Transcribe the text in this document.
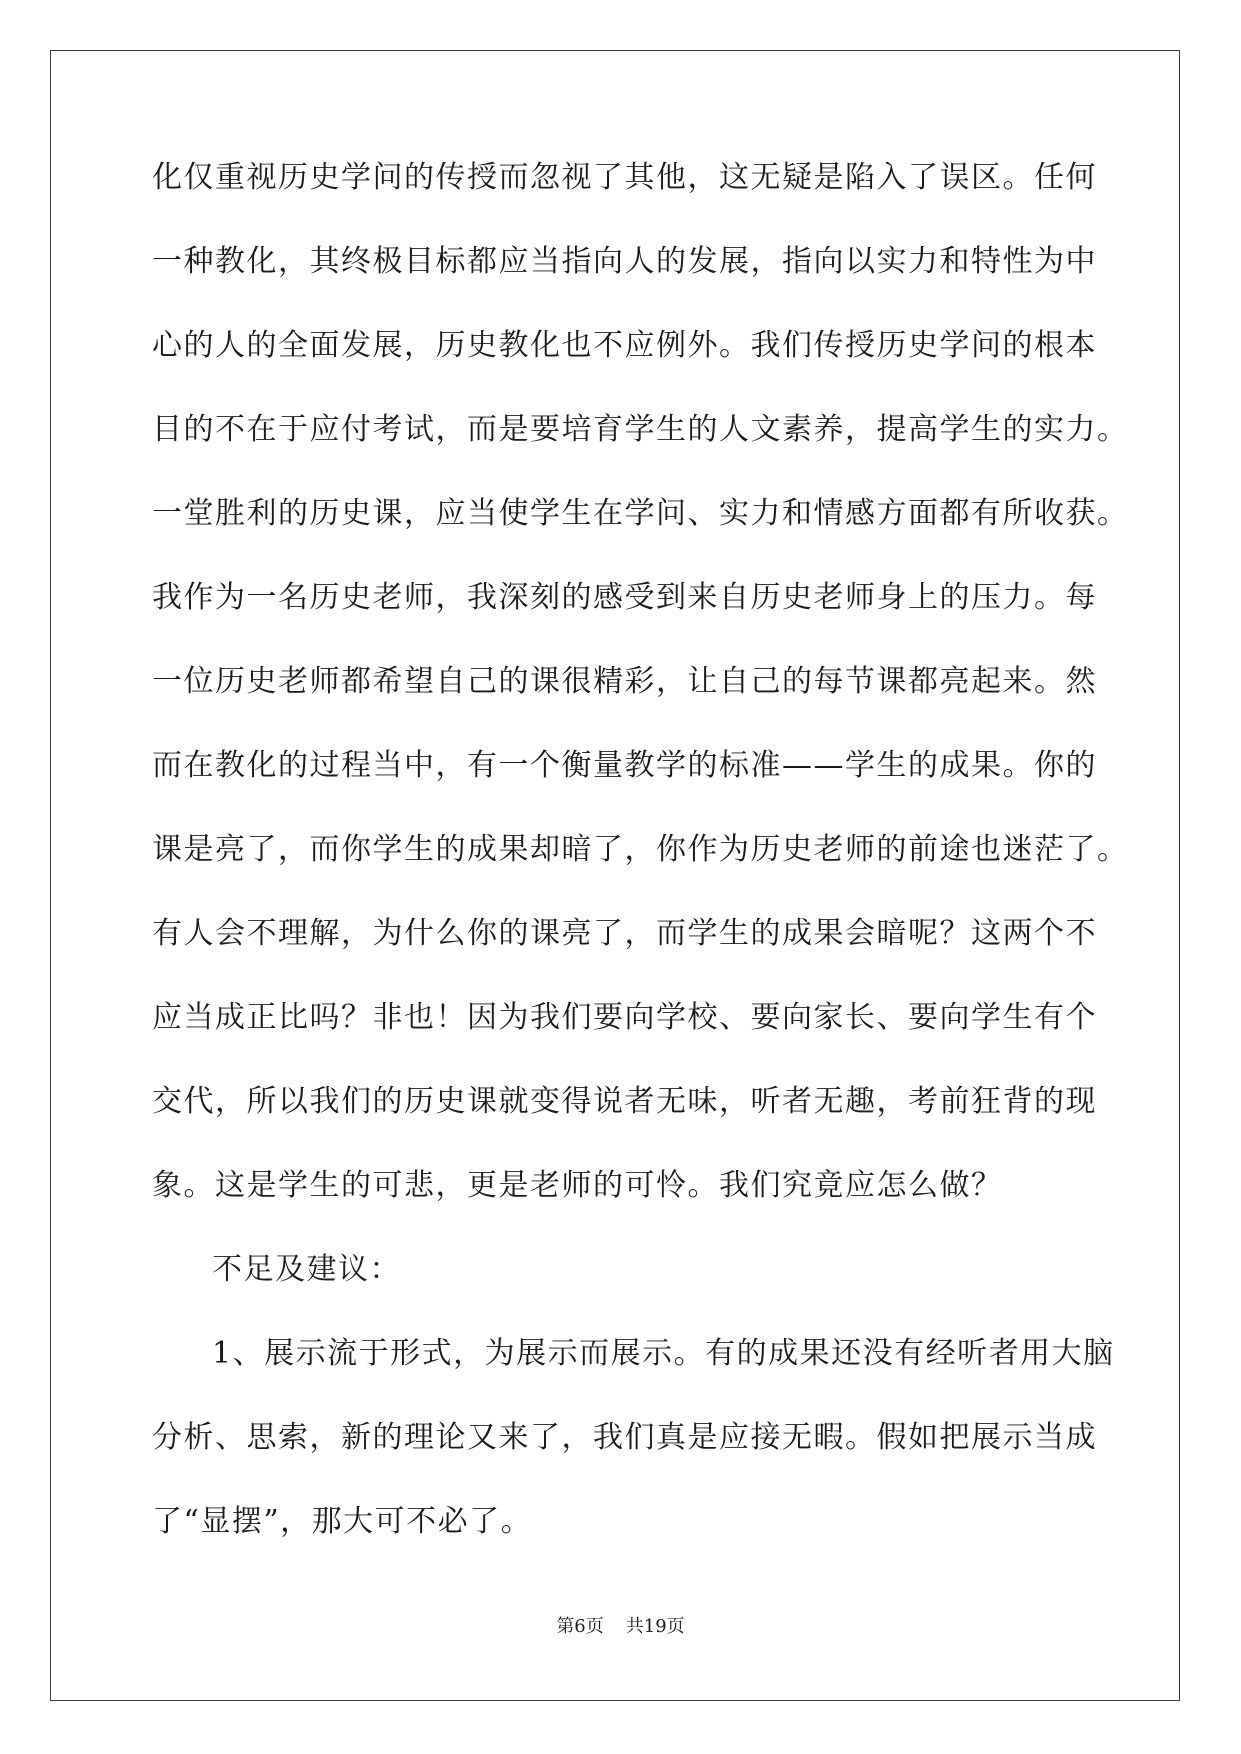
化仅重视历史学问的传授而忽视了其他，这无疑是陷入了误区。任何
一种教化，其终极目标都应当指向人的发展，指向以实力和特性为中
心的人的全面发展，历史教化也不应例外。我们传授历史学问的根本
目的不在于应付考试，而是要培育学生的人文素养，提高学生的实力。
一堂胜利的历史课，应当使学生在学问、实力和情感方面都有所收获。
我作为一名历史老师，我深刻的感受到来自历史老师身上的压力。每
一位历史老师都希望自己的课很精彩，让自己的每节课都亮起来。然
而在教化的过程当中，有一个衡量教学的标准——学生的成果。你的
课是亮了，而你学生的成果却暗了，你作为历史老师的前途也迷茫了。
有人会不理解，为什么你的课亮了，而学生的成果会暗呢？这两个不
应当成正比吗？非也！因为我们要向学校、要向家长、要向学生有个
交代，所以我们的历史课就变得说者无味，听者无趣，考前狂背的现
象。这是学生的可悲，更是老师的可怜。我们究竟应怎么做？
不足及建议：
1、展示流于形式，为展示而展示。有的成果还没有经听者用大脑
分析、思索，新的理论又来了，我们真是应接无暇。假如把展示当成
了“显摆”，那大可不必了。
第6页 共19页
